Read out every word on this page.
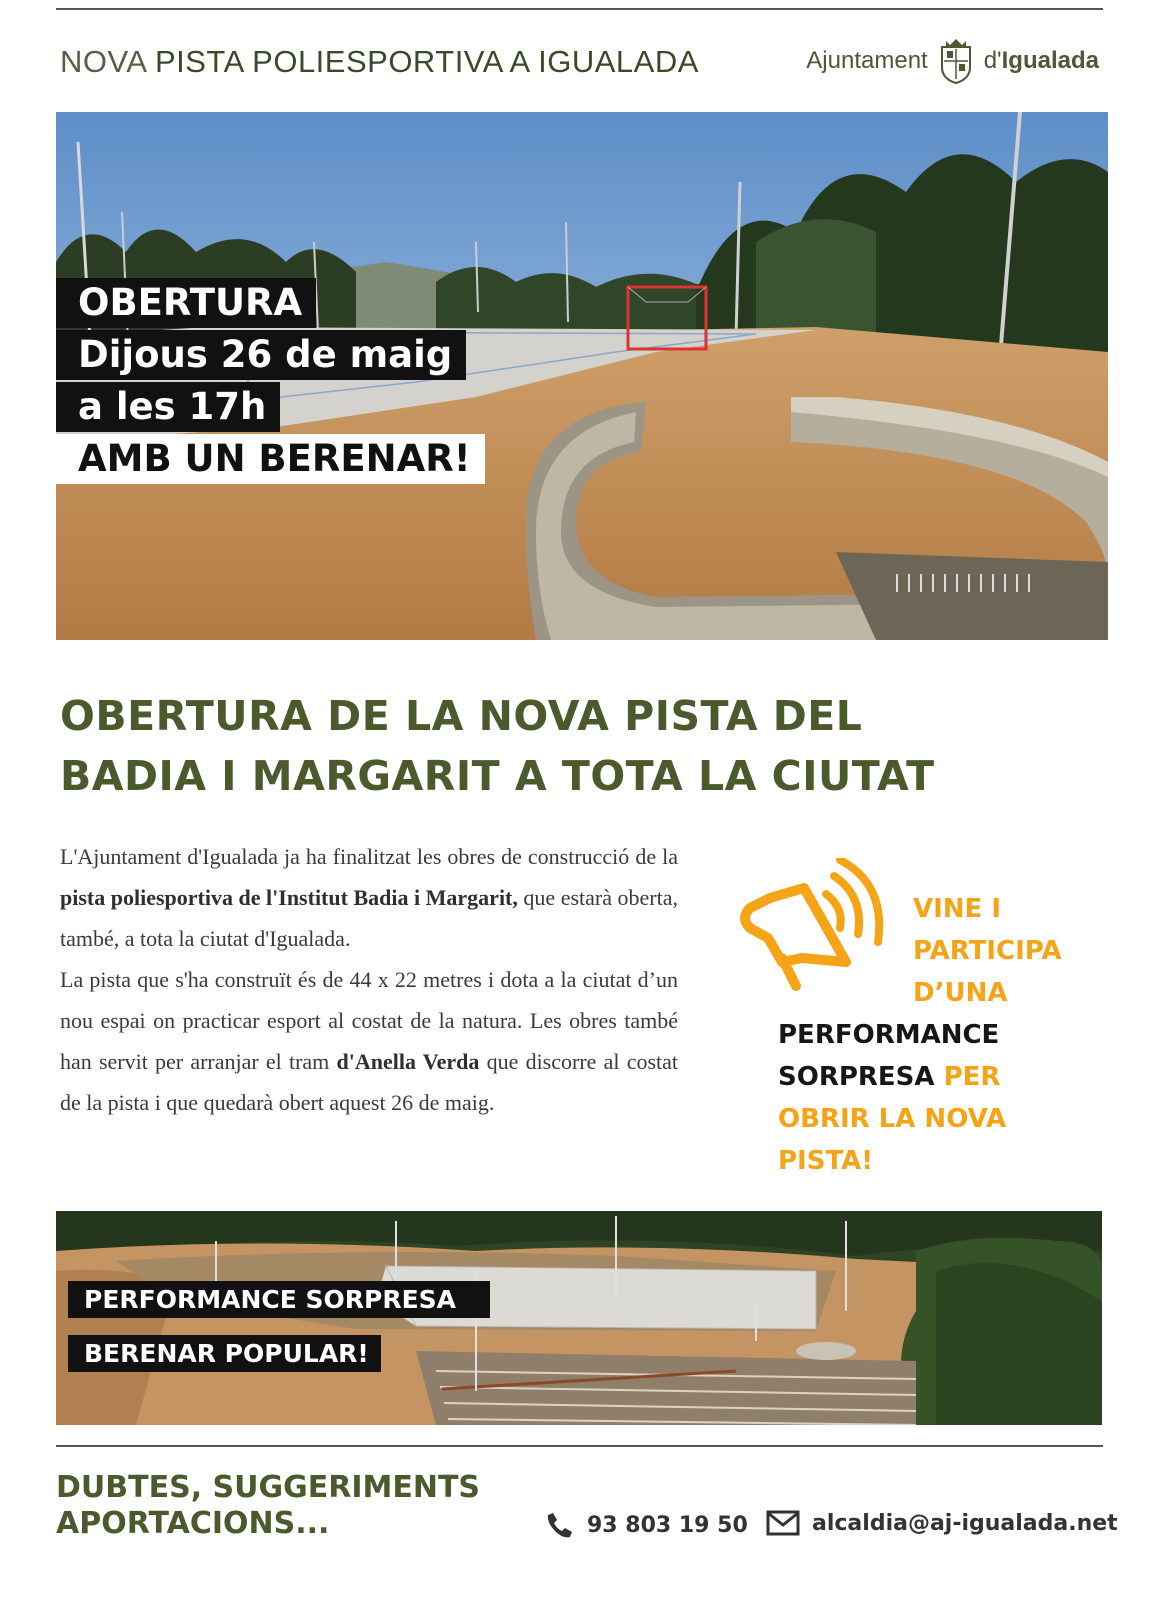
NOVA PISTA POLIESPORTIVA A IGUALADA	Ajuntament d'Igualada
OBERTURA
Dijous 26 de maig
a les 17h
AMB UN BERENAR!
OBERTURA DE LA NOVA PISTA DEL
BADIA I MARGARIT A TOTA LA CIUTAT

L'Ajuntament d'Igualada ja ha finalitzat les obres de construcció de la pista poliesportiva de l'Institut Badia i Margarit, que estarà oberta, també, a tota la ciutat d'Igualada.

La pista que s'ha construït és de 44 x 22 metres i dota a la ciutat d’un nou espai on practicar esport al costat de la natura. Les obres també han servit per arranjar el tram d'Anella Verda que discorre al costat de la pista i que quedarà obert aquest 26 de maig.

VINE I
PARTICIPA
D’UNA
PERFORMANCE
SORPRESA PER
OBRIR LA NOVA
PISTA!
PERFORMANCE SORPRESA
BERENAR POPULAR!
DUBTES, SUGGERIMENTS
APORTACIONS...	93 803 19 50	alcaldia@aj-igualada.net
